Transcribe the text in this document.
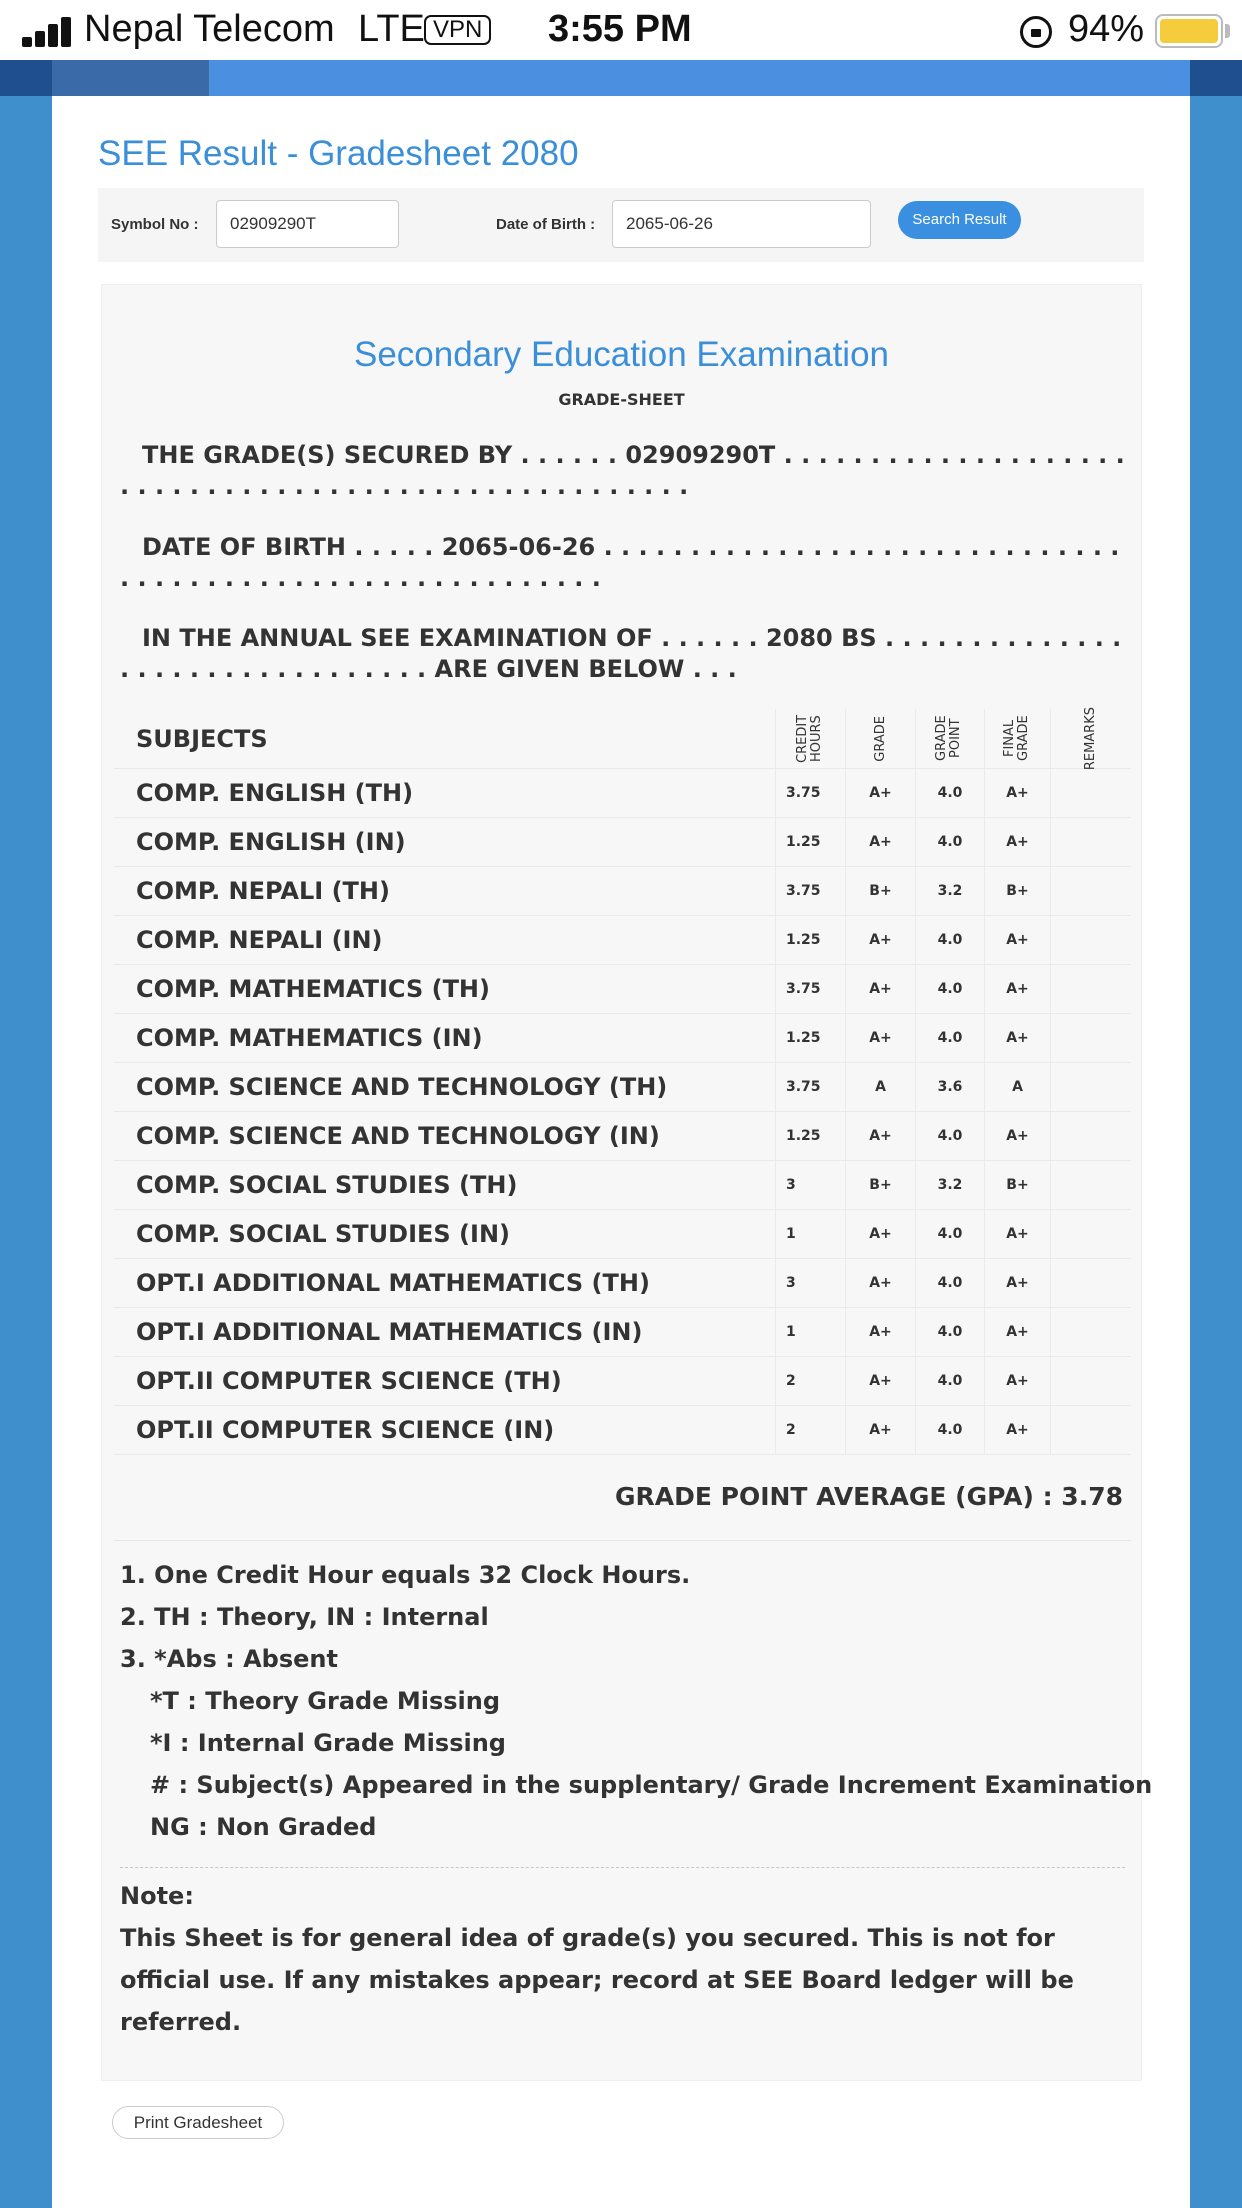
Nepal Telecom LTE VPN 3:55 PM	94%
SEE Result - Gradesheet 2080
Symbol No :	02909290T	Date of Birth :	2065-06-26	Search Result
Secondary Education Examination
GRADE-SHEET
THE GRADE(S) SECURED BY . . . . . . 02909290T . . . . . . . . . . . . . . . . . . . . . . . . . . . . . . . . . . . . . . . . . . . . . . . . . . . . .
DATE OF BIRTH . . . . . 2065-06-26 . . . . . . . . . . . . . . . . . . . . . . . . . . . . . . . . . . . . . . . . . . . . . . . . . . . . . . . . . .
IN THE ANNUAL SEE EXAMINATION OF . . . . . . 2080 BS . . . . . . . . . . . . . . . . . . . . . . . . . . . . . . . . ARE GIVEN BELOW . . .
SUBJECTS	CREDIT HOURS	GRADE	GRADE POINT	FINAL GRADE	REMARKS
COMP. ENGLISH (TH)	3.75	A+	4.0	A+
COMP. ENGLISH (IN)	1.25	A+	4.0	A+
COMP. NEPALI (TH)	3.75	B+	3.2	B+
COMP. NEPALI (IN)	1.25	A+	4.0	A+
COMP. MATHEMATICS (TH)	3.75	A+	4.0	A+
COMP. MATHEMATICS (IN)	1.25	A+	4.0	A+
COMP. SCIENCE AND TECHNOLOGY (TH)	3.75	A	3.6	A
COMP. SCIENCE AND TECHNOLOGY (IN)	1.25	A+	4.0	A+
COMP. SOCIAL STUDIES (TH)	3	B+	3.2	B+
COMP. SOCIAL STUDIES (IN)	1	A+	4.0	A+
OPT.I ADDITIONAL MATHEMATICS (TH)	3	A+	4.0	A+
OPT.I ADDITIONAL MATHEMATICS (IN)	1	A+	4.0	A+
OPT.II COMPUTER SCIENCE (TH)	2	A+	4.0	A+
OPT.II COMPUTER SCIENCE (IN)	2	A+	4.0	A+
GRADE POINT AVERAGE (GPA) : 3.78
1. One Credit Hour equals 32 Clock Hours.
2. TH : Theory, IN : Internal
3. *Abs : Absent
*T : Theory Grade Missing
*I : Internal Grade Missing
# : Subject(s) Appeared in the supplentary/ Grade Increment Examination
NG : Non Graded
Note:
This Sheet is for general idea of grade(s) you secured. This is not for official use. If any mistakes appear; record at SEE Board ledger will be referred.
Print Gradesheet
